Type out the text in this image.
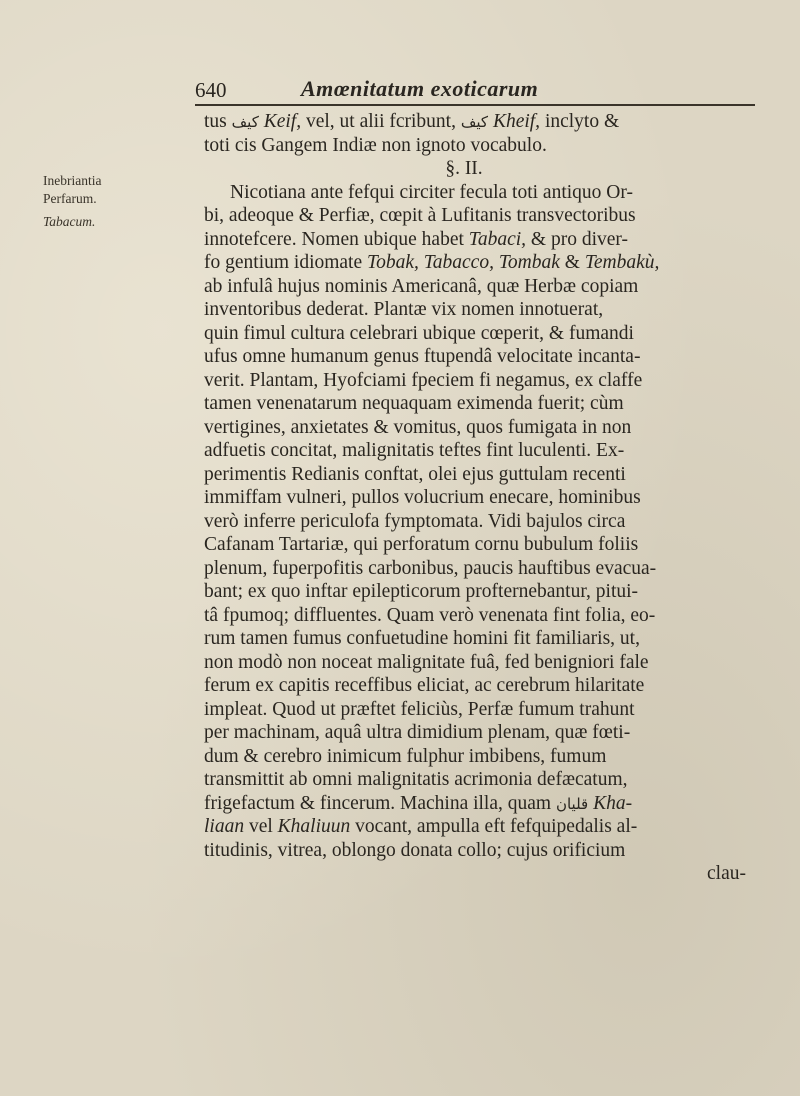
640	Amœnitatum exoticarum
Inebriantia
Perfarum.
Tabacum.
tus كيف Keif, vel, ut alii fcribunt, كيف Kheif, inclyto &
toti cis Gangem Indiæ non ignoto vocabulo.
§. II.
Nicotiana ante fefqui circiter fecula toti antiquo Or-
bi, adeoque & Perfiæ, cœpit à Lufitanis transvectoribus
innotefcere. Nomen ubique habet Tabaci, & pro diver-
fo gentium idiomate Tobak, Tabacco, Tombak & Tembakù,
ab infulâ hujus nominis Americanâ, quæ Herbæ copiam
inventoribus dederat. Plantæ vix nomen innotuerat,
quin fimul cultura celebrari ubique cœperit, & fumandi
ufus omne humanum genus ftupendâ velocitate incanta-
verit. Plantam, Hyofciami fpeciem fi negamus, ex claffe
tamen venenatarum nequaquam eximenda fuerit; cùm
vertigines, anxietates & vomitus, quos fumigata in non
adfuetis concitat, malignitatis teftes fint luculenti. Ex-
perimentis Redianis conftat, olei ejus guttulam recenti
immiffam vulneri, pullos volucrium enecare, hominibus
verò inferre periculofa fymptomata. Vidi bajulos circa
Cafanam Tartariæ, qui perforatum cornu bubulum foliis
plenum, fuperpofitis carbonibus, paucis hauftibus evacua-
bant; ex quo inftar epilepticorum profternebantur, pitui-
tâ fpumoq; diffluentes. Quam verò venenata fint folia, eo-
rum tamen fumus confuetudine homini fit familiaris, ut,
non modò non noceat malignitate fuâ, fed benigniori fale
ferum ex capitis receffibus eliciat, ac cerebrum hilaritate
impleat. Quod ut præftet feliciùs, Perfæ fumum trahunt
per machinam, aquâ ultra dimidium plenam, quæ fœti-
dum & cerebro inimicum fulphur imbibens, fumum
transmittit ab omni malignitatis acrimonia defæcatum,
frigefactum & fincerum. Machina illa, quam قليان Kha-
liaan vel Khaliuun vocant, ampulla eft fefquipedalis al-
titudinis, vitrea, oblongo donata collo; cujus orificium
clau-
